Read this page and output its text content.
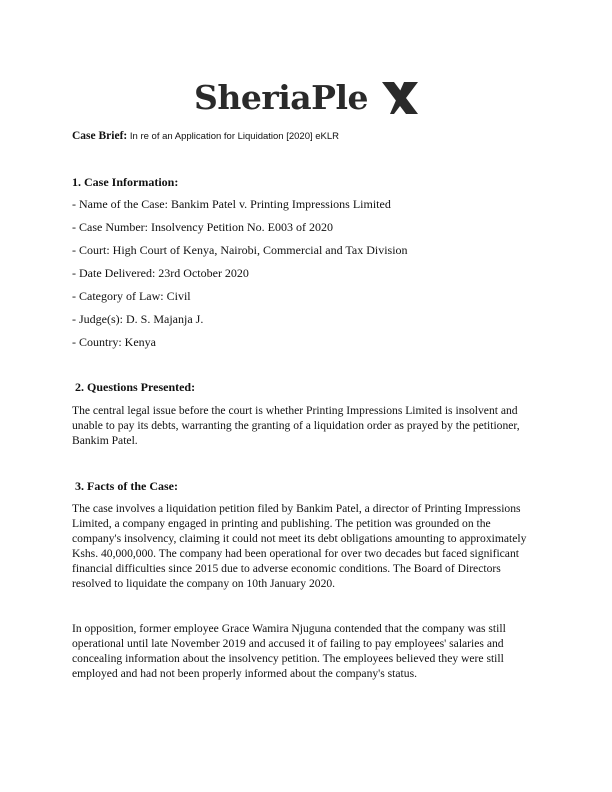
SheriaPle
Case Brief: In re of an Application for Liquidation [2020] eKLR
1. Case Information:
- Name of the Case: Bankim Patel v. Printing Impressions Limited
- Case Number: Insolvency Petition No. E003 of 2020
- Court: High Court of Kenya, Nairobi, Commercial and Tax Division
- Date Delivered: 23rd October 2020
- Category of Law: Civil
- Judge(s): D. S. Majanja J.
- Country: Kenya
2. Questions Presented:

The central legal issue before the court is whether Printing Impressions Limited is insolvent and unable to pay its debts, warranting the granting of a liquidation order as prayed by the petitioner, Bankim Patel.

3. Facts of the Case:

The case involves a liquidation petition filed by Bankim Patel, a director of Printing Impressions Limited, a company engaged in printing and publishing. The petition was grounded on the company's insolvency, claiming it could not meet its debt obligations amounting to approximately Kshs. 40,000,000. The company had been operational for over two decades but faced significant financial difficulties since 2015 due to adverse economic conditions. The Board of Directors resolved to liquidate the company on 10th January 2020.

In opposition, former employee Grace Wamira Njuguna contended that the company was still operational until late November 2019 and accused it of failing to pay employees' salaries and concealing information about the insolvency petition. The employees believed they were still employed and had not been properly informed about the company's status.
